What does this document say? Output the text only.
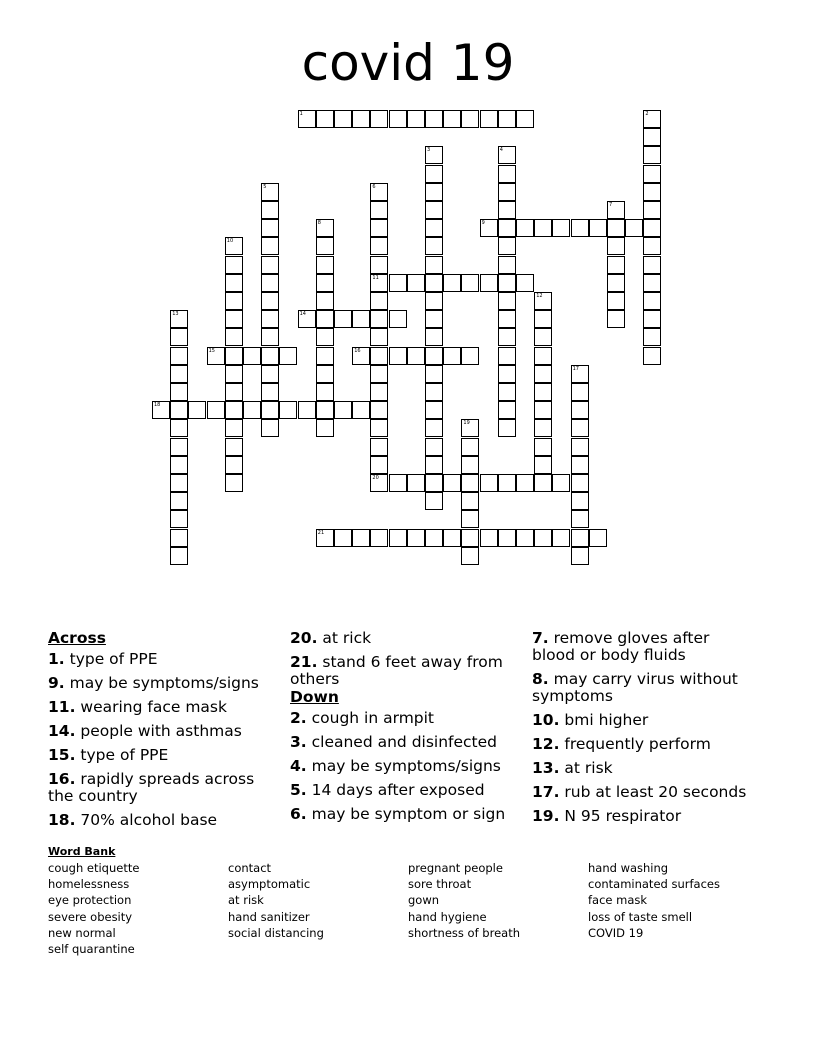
covid 19
1
9
11
14
15	16
18
20
21
2
3	4
5	6
7
8
10
12
13
17
19
Across
1. type of PPE
9. may be symptoms/signs
11. wearing face mask
14. people with asthmas
15. type of PPE
16. rapidly spreads across the country
18. 70% alcohol base
20. at rick
21. stand 6 feet away from others
Down
2. cough in armpit
3. cleaned and disinfected
4. may be symptoms/signs
5. 14 days after exposed
6. may be symptom or sign
7. remove gloves after blood or body fluids
8. may carry virus without symptoms
10. bmi higher
12. frequently perform
13. at risk
17. rub at least 20 seconds
19. N 95 respirator
Word Bank
cough etiquette
homelessness
eye protection
severe obesity
new normal
self quarantine
contact
asymptomatic
at risk
hand sanitizer
social distancing
pregnant people
sore throat
gown
hand hygiene
shortness of breath
hand washing
contaminated surfaces
face mask
loss of taste smell
COVID 19
